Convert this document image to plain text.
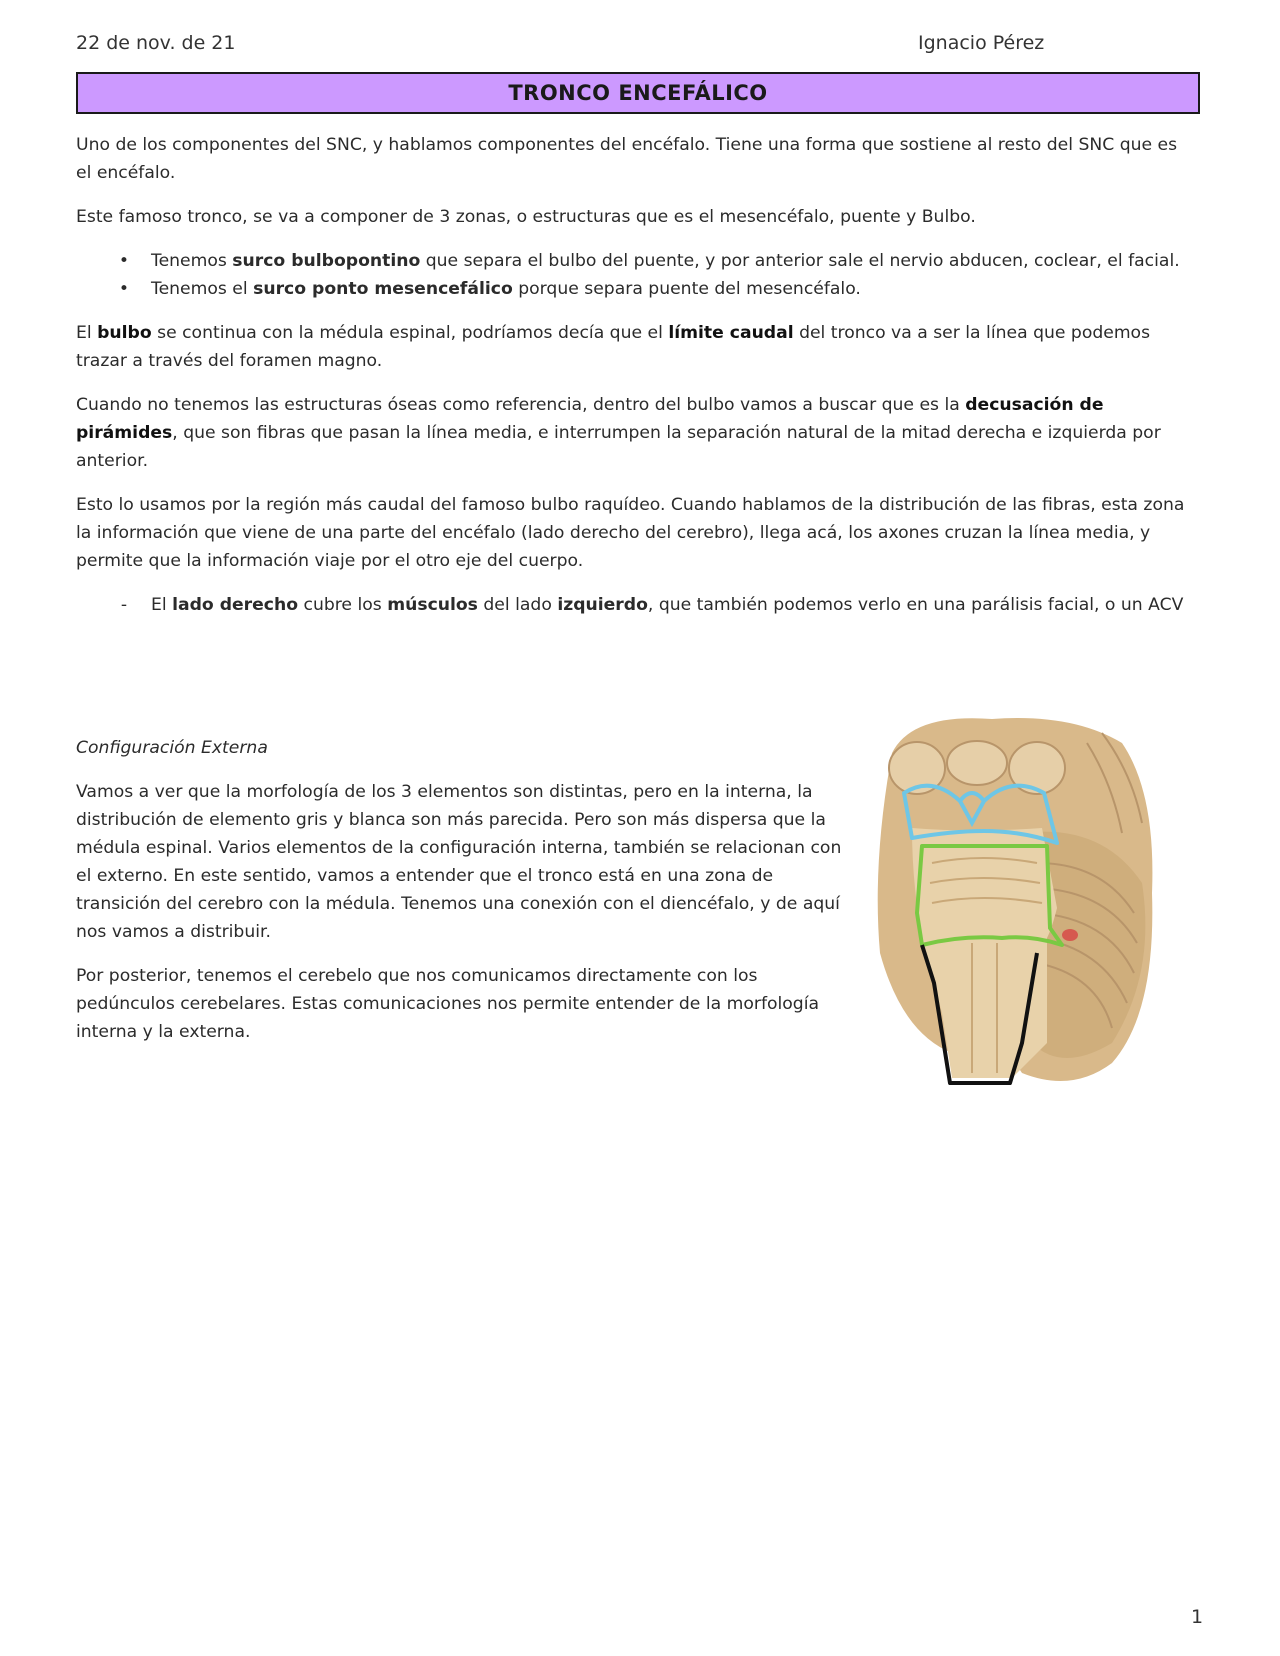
22 de nov. de 21	Ignacio Pérez
TRONCO ENCEFÁLICO

Uno de los componentes del SNC, y hablamos componentes del encéfalo. Tiene una forma que sostiene al resto del SNC que es el encéfalo.

Este famoso tronco, se va a componer de 3 zonas, o estructuras que es el mesencéfalo, puente y Bulbo.

• Tenemos surco bulbopontino que separa el bulbo del puente, y por anterior sale el nervio abducen, coclear, el facial.
• Tenemos el surco ponto mesencefálico porque separa puente del mesencéfalo.

El bulbo se continua con la médula espinal, podríamos decía que el límite caudal del tronco va a ser la línea que podemos trazar a través del foramen magno.

Cuando no tenemos las estructuras óseas como referencia, dentro del bulbo vamos a buscar que es la decusación de pirámides, que son fibras que pasan la línea media, e interrumpen la separación natural de la mitad derecha e izquierda por anterior.

Esto lo usamos por la región más caudal del famoso bulbo raquídeo. Cuando hablamos de la distribución de las fibras, esta zona la información que viene de una parte del encéfalo (lado derecho del cerebro), llega acá, los axones cruzan la línea media, y permite que la información viaje por el otro eje del cuerpo.

-	El lado derecho cubre los músculos del lado izquierdo, que también podemos verlo en una parálisis facial, o un ACV

Configuración Externa

Vamos a ver que la morfología de los 3 elementos son distintas, pero en la interna, la distribución de elemento gris y blanca son más parecida. Pero son más dispersa que la médula espinal. Varios elementos de la configuración interna, también se relacionan con el externo. En este sentido, vamos a entender que el tronco está en una zona de transición del cerebro con la médula. Tenemos una conexión con el diencéfalo, y de aquí nos vamos a distribuir.

Por posterior, tenemos el cerebelo que nos comunicamos directamente con los pedúnculos cerebelares. Estas comunicaciones nos permite entender de la morfología interna y la externa.

1
